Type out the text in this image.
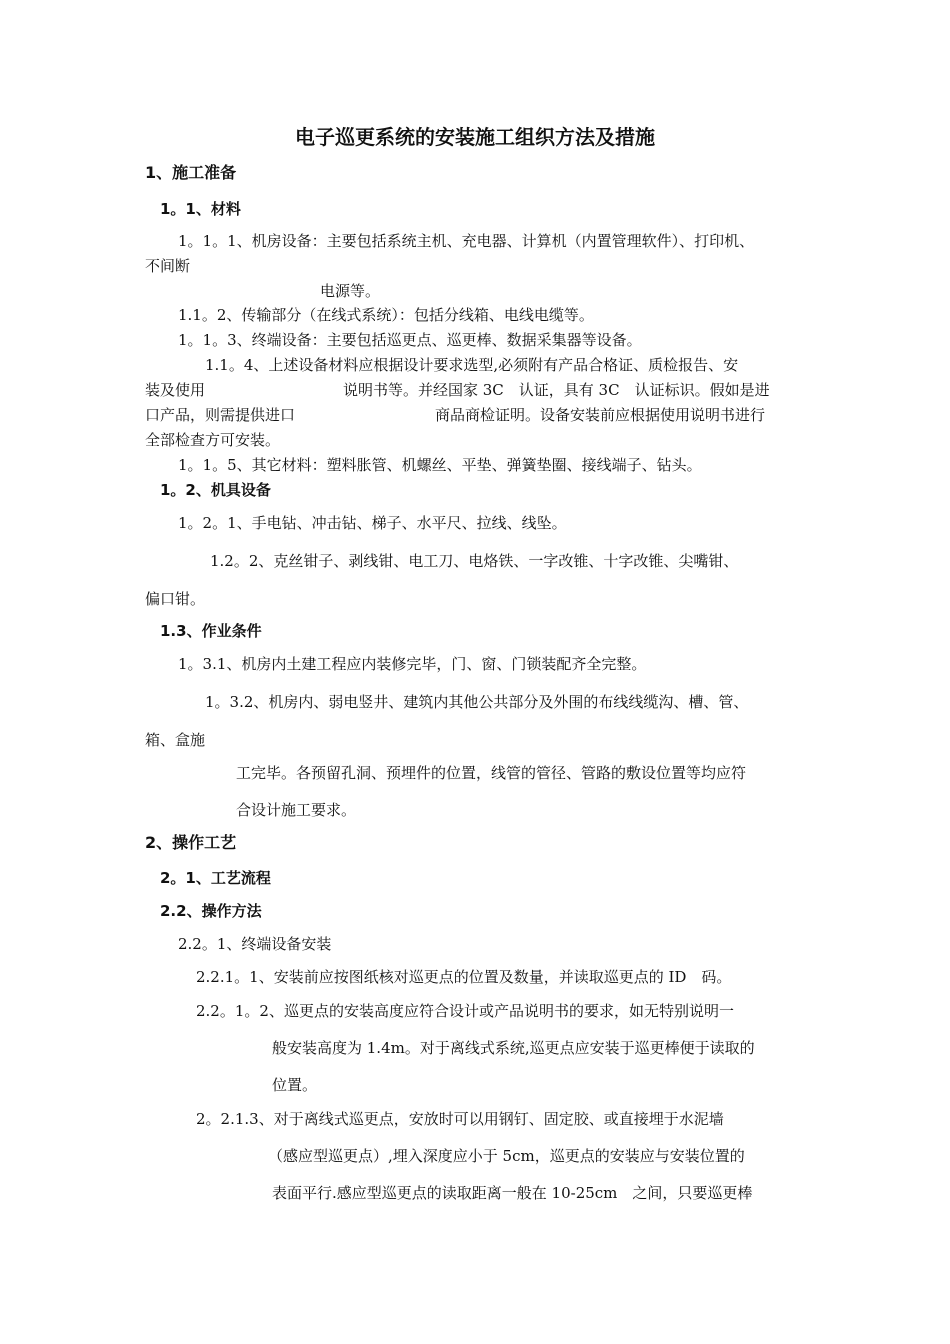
电子巡更系统的安装施工组织方法及措施
1、施工准备
1。1、材料
1。1。1、机房设备：主要包括系统主机、充电器、计算机（内置管理软件）、打印机、
不间断
电源等。
1.1。2、传输部分（在线式系统）：包括分线箱、电线电缆等。
1。1。3、终端设备：主要包括巡更点、巡更棒、数据采集器等设备。
1.1。4、上述设备材料应根据设计要求选型,必须附有产品合格证、质检报告、安
装及使用	说明书等。并经国家 3C　认证，具有 3C　认证标识。假如是进
口产品，则需提供进口	商品商检证明。设备安装前应根据使用说明书进行
全部检查方可安装。
1。1。5、其它材料：塑料胀管、机螺丝、平垫、弹簧垫圈、接线端子、钻头。
1。2、机具设备
1。2。1、手电钻、冲击钻、梯子、水平尺、拉线、线坠。
1.2。2、克丝钳子、剥线钳、电工刀、电烙铁、一字改锥、十字改锥、尖嘴钳、
偏口钳。
1.3、作业条件
1。3.1、机房内土建工程应内装修完毕，门、窗、门锁装配齐全完整。
1。3.2、机房内、弱电竖井、建筑内其他公共部分及外围的布线线缆沟、槽、管、
箱、盒施
工完毕。各预留孔洞、预埋件的位置，线管的管径、管路的敷设位置等均应符
合设计施工要求。
2、操作工艺
2。1、工艺流程
2.2、操作方法
2.2。1、终端设备安装
2.2.1。1、安装前应按图纸核对巡更点的位置及数量，并读取巡更点的 ID　码。
2.2。1。2、巡更点的安装高度应符合设计或产品说明书的要求，如无特别说明一
般安装高度为 1.4m。对于离线式系统,巡更点应安装于巡更棒便于读取的
位置。
2。2.1.3、对于离线式巡更点，安放时可以用钢钉、固定胶、或直接埋于水泥墙
（感应型巡更点）,埋入深度应小于 5cm，巡更点的安装应与安装位置的
表面平行.感应型巡更点的读取距离一般在 10-25cm　之间，只要巡更棒
